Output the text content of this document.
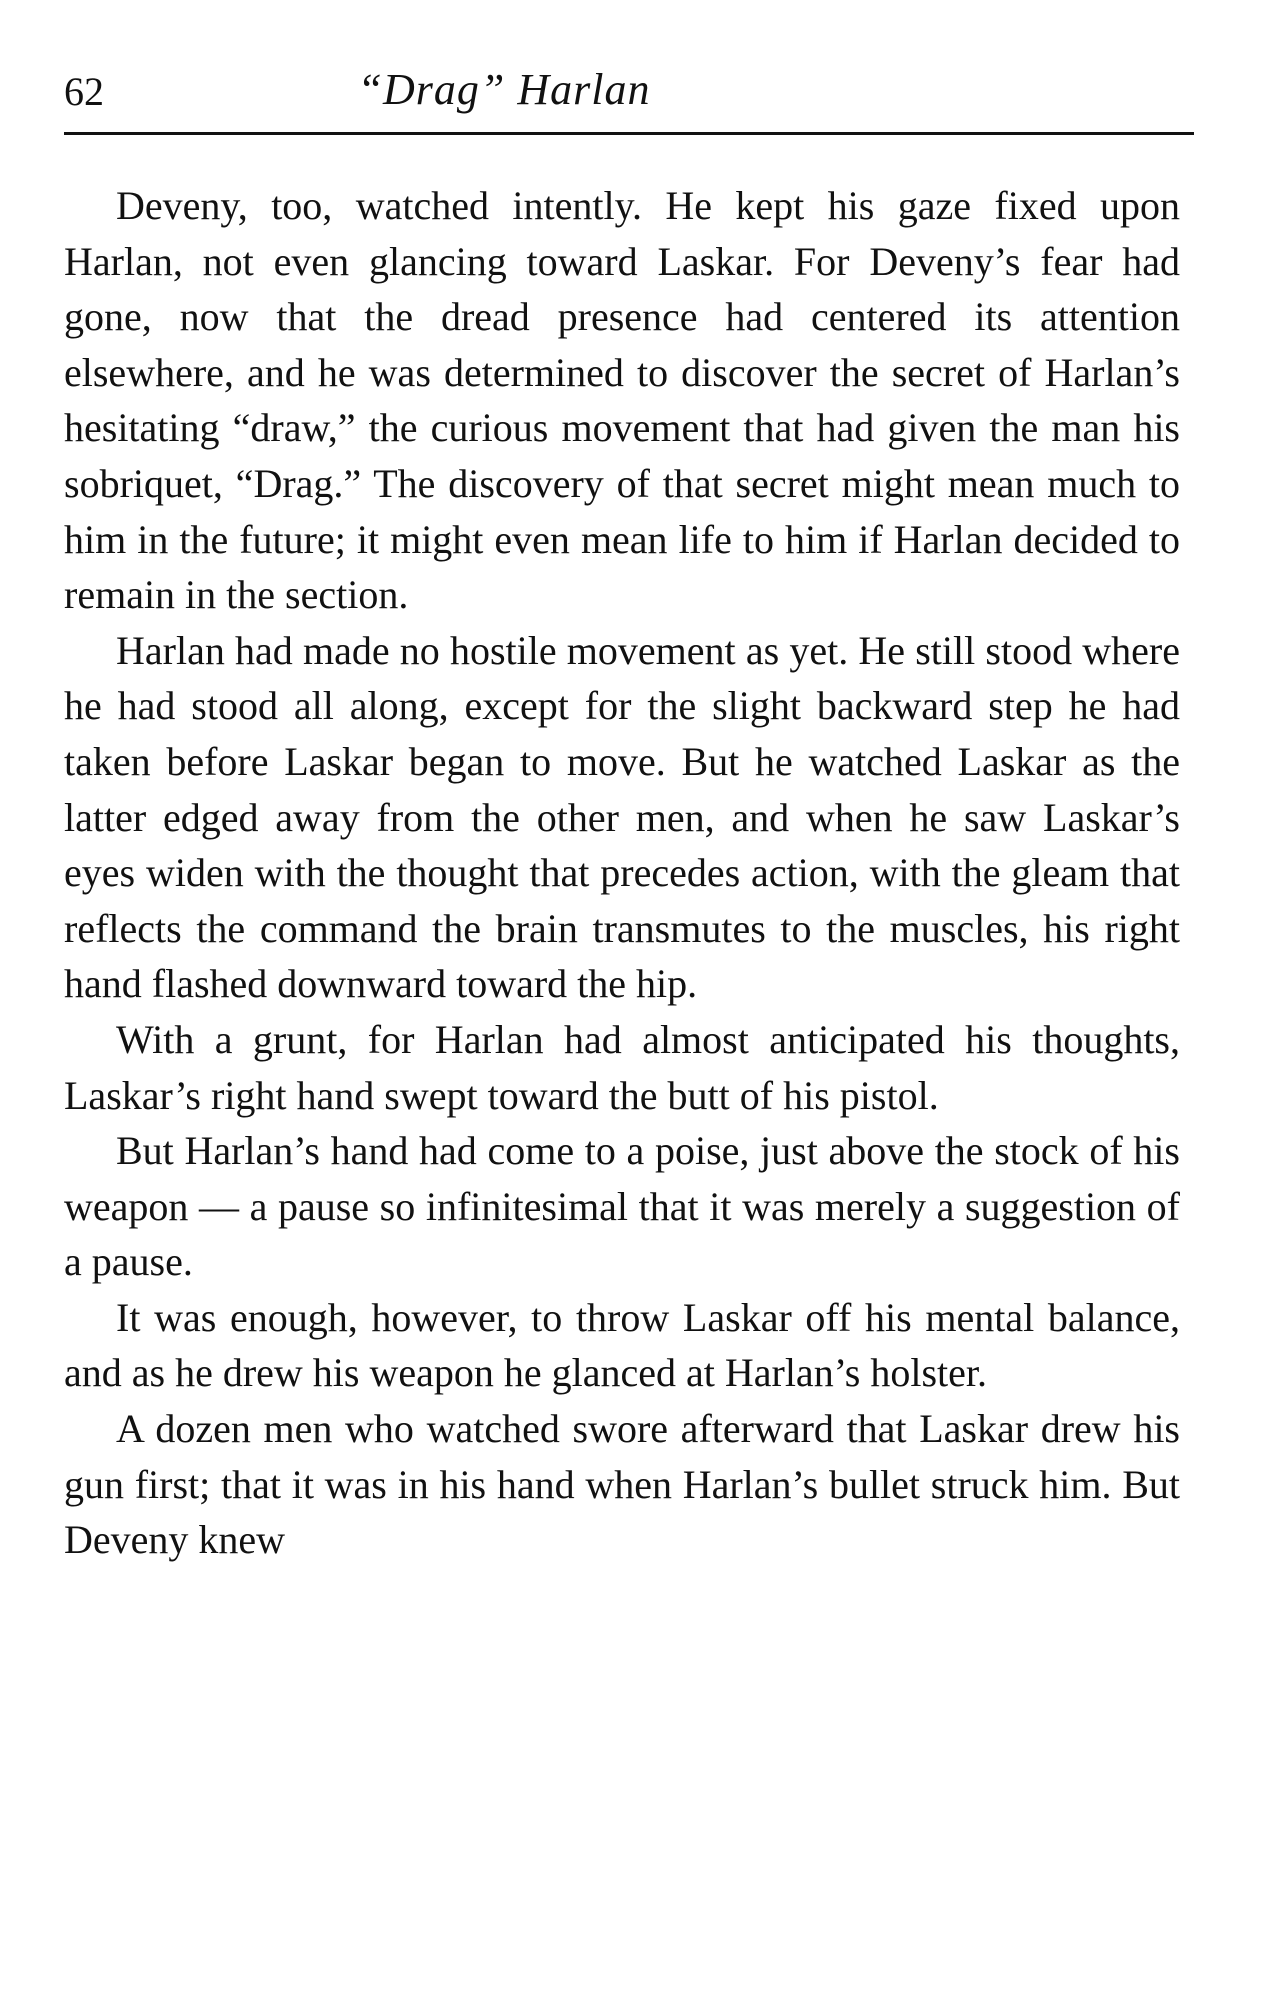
62	“Drag” Harlan

Deveny, too, watched intently. He kept his gaze fixed upon Harlan, not even glancing toward Laskar. For Deveny’s fear had gone, now that the dread presence had centered its attention elsewhere, and he was determined to discover the secret of Harlan’s hesitating “draw,” the curious movement that had given the man his sobriquet, “Drag.” The discovery of that secret might mean much to him in the future; it might even mean life to him if Harlan decided to remain in the section.

Harlan had made no hostile movement as yet. He still stood where he had stood all along, except for the slight backward step he had taken before Laskar began to move. But he watched Laskar as the latter edged away from the other men, and when he saw Laskar’s eyes widen with the thought that precedes action, with the gleam that reflects the command the brain transmutes to the muscles, his right hand flashed downward toward the hip.

With a grunt, for Harlan had almost anticipated his thoughts, Laskar’s right hand swept toward the butt of his pistol.

But Harlan’s hand had come to a poise, just above the stock of his weapon — a pause so infinitesimal that it was merely a suggestion of a pause.

It was enough, however, to throw Laskar off his mental balance, and as he drew his weapon he glanced at Harlan’s holster.

A dozen men who watched swore afterward that Laskar drew his gun first; that it was in his hand when Harlan’s bullet struck him. But Deveny knew
